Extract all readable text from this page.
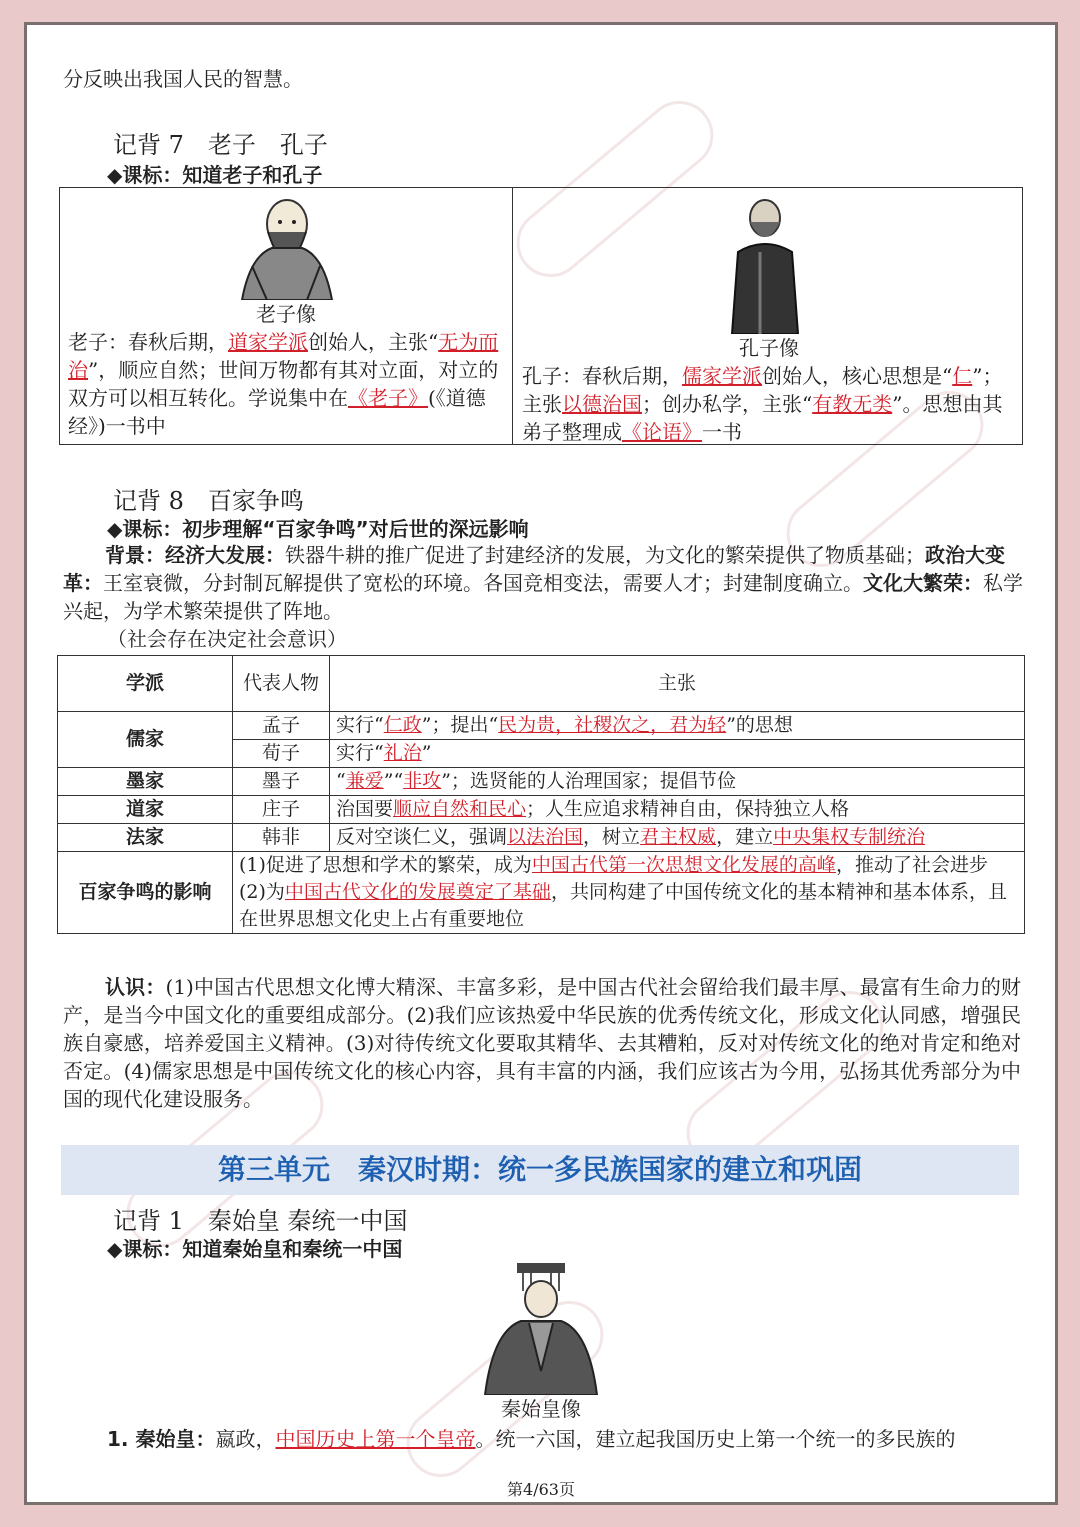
分反映出我国人民的智慧。
记背 7　老子　孔子
◆课标：知道老子和孔子
老子像
老子：春秋后期，道家学派创始人，主张“无为而治”，顺应自然；世间万物都有其对立面，对立的双方可以相互转化。学说集中在《老子》(《道德经》)一书中
孔子像
孔子：春秋后期，儒家学派创始人，核心思想是“仁”；主张以德治国；创办私学，主张“有教无类”。思想由其弟子整理成《论语》一书
记背 8　百家争鸣
◆课标：初步理解“百家争鸣”对后世的深远影响
背景：经济大发展：铁器牛耕的推广促进了封建经济的发展，为文化的繁荣提供了物质基础；政治大变革：王室衰微，分封制瓦解提供了宽松的环境。各国竞相变法，需要人才；封建制度确立。文化大繁荣：私学兴起，为学术繁荣提供了阵地。
（社会存在决定社会意识）
学派	代表人物	主张
儒家	孟子	实行“仁政”；提出“民为贵，社稷次之，君为轻”的思想
	荀子	实行“礼治”
墨家	墨子	“兼爱”“非攻”；选贤能的人治理国家；提倡节俭
道家	庄子	治国要顺应自然和民心；人生应追求精神自由，保持独立人格
法家	韩非	反对空谈仁义，强调以法治国，树立君主权威，建立中央集权专制统治
百家争鸣的影响	(1)促进了思想和学术的繁荣，成为中国古代第一次思想文化发展的高峰，推动了社会进步
(2)为中国古代文化的发展奠定了基础，共同构建了中国传统文化的基本精神和基本体系，且在世界思想文化史上占有重要地位	
认识：(1)中国古代思想文化博大精深、丰富多彩，是中国古代社会留给我们最丰厚、最富有生命力的财产，是当今中国文化的重要组成部分。(2)我们应该热爱中华民族的优秀传统文化，形成文化认同感，增强民族自豪感，培养爱国主义精神。(3)对待传统文化要取其精华、去其糟粕，反对对传统文化的绝对肯定和绝对否定。(4)儒家思想是中国传统文化的核心内容，具有丰富的内涵，我们应该古为今用，弘扬其优秀部分为中国的现代化建设服务。
第三单元　秦汉时期：统一多民族国家的建立和巩固
记背 1　秦始皇 秦统一中国
◆课标：知道秦始皇和秦统一中国
秦始皇像
1. 秦始皇：嬴政，中国历史上第一个皇帝。统一六国，建立起我国历史上第一个统一的多民族的
第4/63页
